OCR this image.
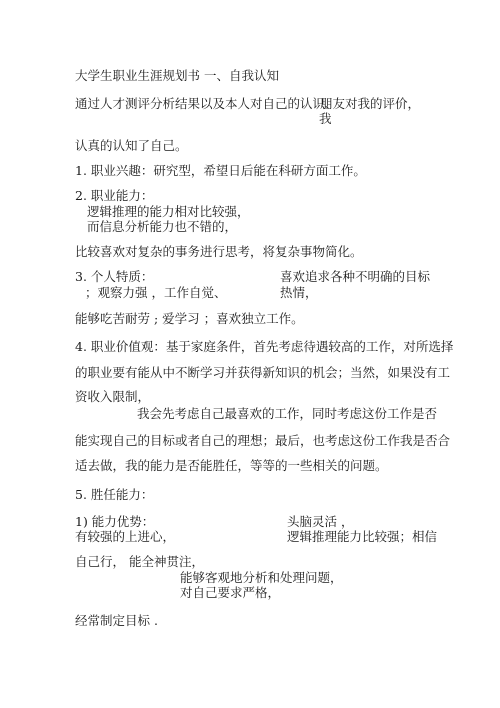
大学生职业生涯规划书 一、自我认知
通过人才测评分析结果以及本人对自己的认识、
朋友对我的评价，
我
认真的认知了自己。
1. 职业兴趣：研究型，希望日后能在科研方面工作。
2. 职业能力：
逻辑推理的能力相对比较强，
而信息分析能力也不错的，
比较喜欢对复杂的事务进行思考，将复杂事物简化。
3. 个人特质：	喜欢追求各种不明确的目标
；观察力强 ，工作自觉、	热情，
能够吃苦耐劳 ; 爱学习 ；喜欢独立工作。
4. 职业价值观：基于家庭条件，首先考虑待遇较高的工作，对所选择
的职业要有能从中不断学习并获得新知识的机会；当然，如果没有工
资收入限制，
我会先考虑自己最喜欢的工作，同时考虑这份工作是否
能实现自己的目标或者自己的理想；最后，也考虑这份工作我是否合
适去做，我的能力是否能胜任，等等的一些相关的问题。
5. 胜任能力：
1) 能力优势：	头脑灵活 ，
有较强的上进心，	逻辑推理能力比较强；相信
自己行， 能全神贯注，
能够客观地分析和处理问题，
对自己要求严格，
经常制定目标 .
